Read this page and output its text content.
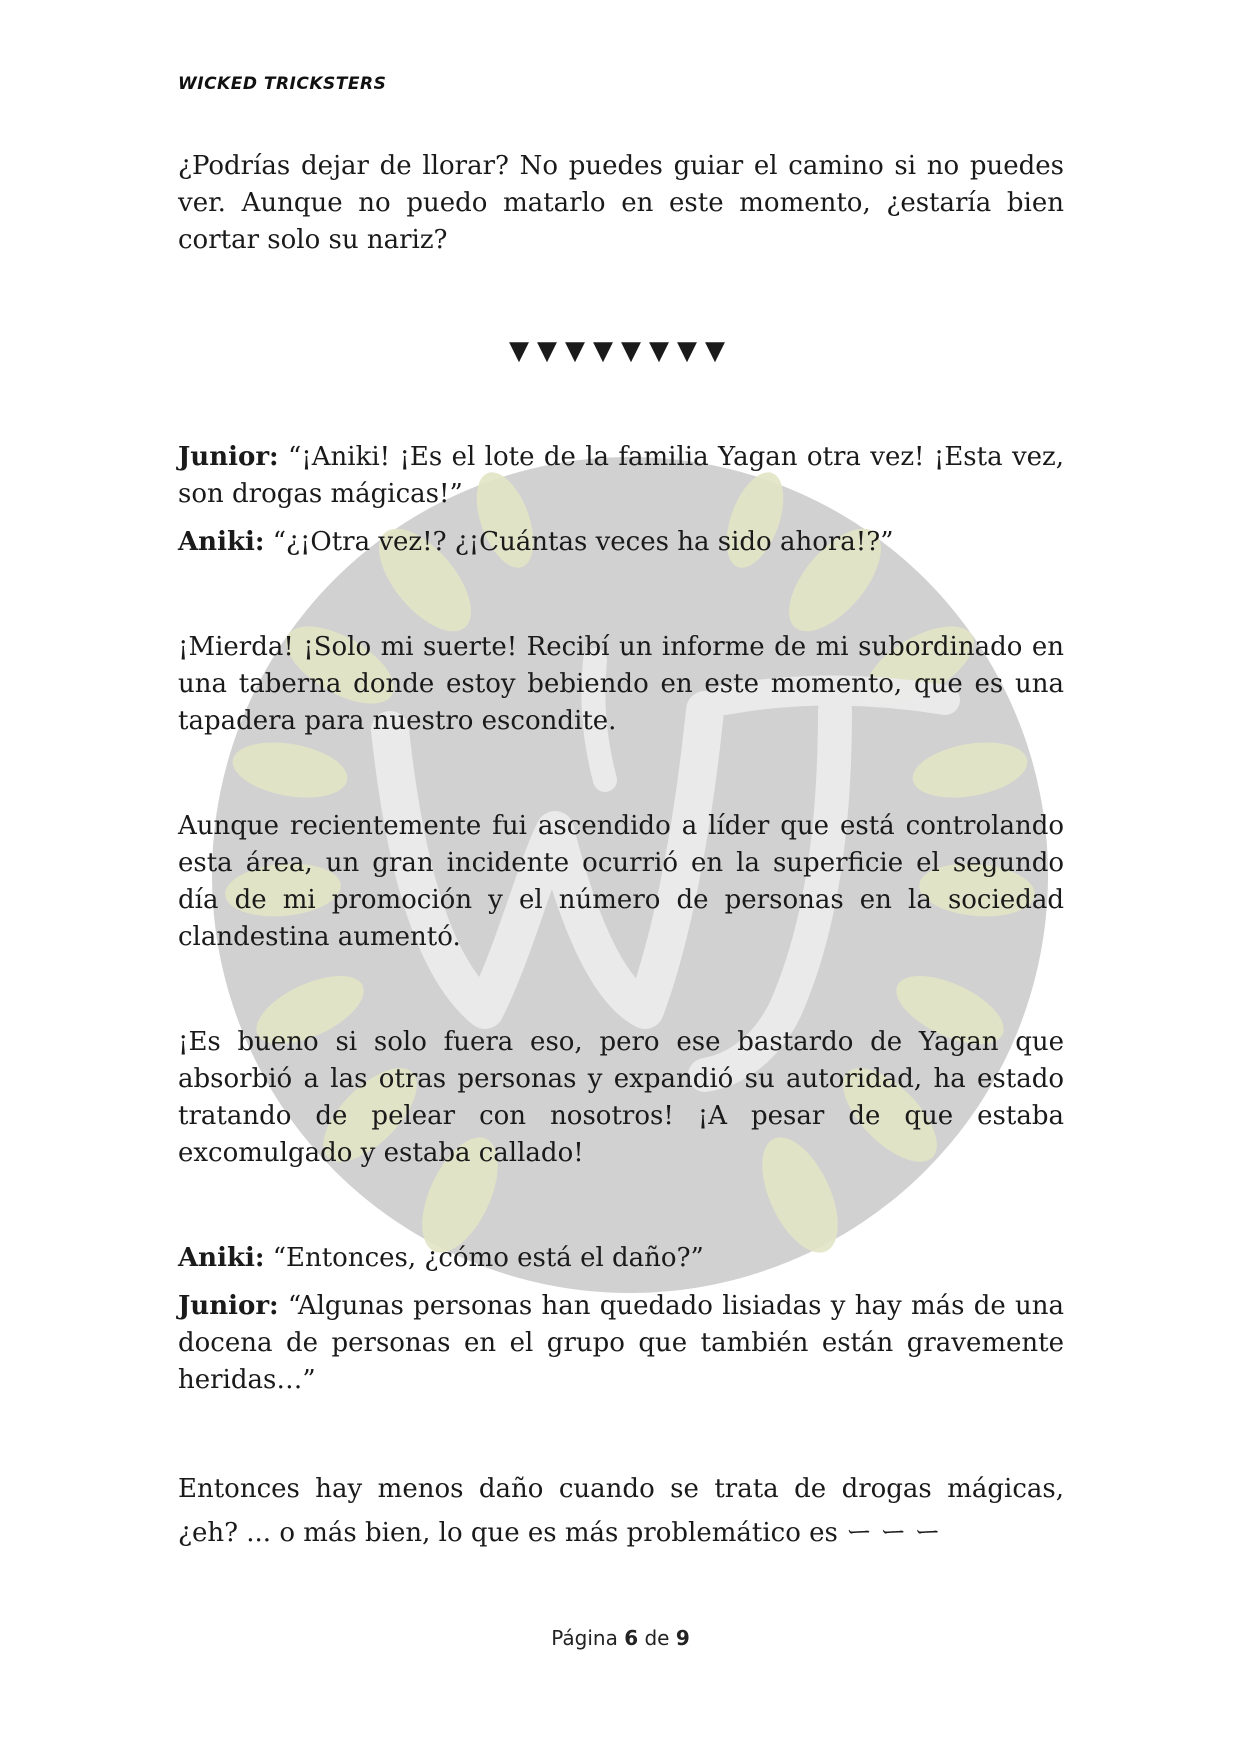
WICKED TRICKSTERS

¿Podrías dejar de llorar? No puedes guiar el camino si no puedes ver. Aunque no puedo matarlo en este momento, ¿estaría bien cortar solo su nariz?

▼▼▼▼▼▼▼▼

Junior: “¡Aniki! ¡Es el lote de la familia Yagan otra vez! ¡Esta vez, son drogas mágicas!”

Aniki: “¿¡Otra vez!? ¿¡Cuántas veces ha sido ahora!?”

¡Mierda! ¡Solo mi suerte! Recibí un informe de mi subordinado en una taberna donde estoy bebiendo en este momento, que es una tapadera para nuestro escondite.

Aunque recientemente fui ascendido a líder que está controlando esta área, un gran incidente ocurrió en la superficie el segundo día de mi promoción y el número de personas en la sociedad clandestina aumentó.

¡Es bueno si solo fuera eso, pero ese bastardo de Yagan que absorbió a las otras personas y expandió su autoridad, ha estado tratando de pelear con nosotros! ¡A pesar de que estaba excomulgado y estaba callado!

Aniki: “Entonces, ¿cómo está el daño?”

Junior: “Algunas personas han quedado lisiadas y hay más de una docena de personas en el grupo que también están gravemente heridas…”

Entonces hay menos daño cuando se trata de drogas mágicas, ¿eh? ... o más bien, lo que es más problemático es ー ー ー

Página 6 de 9
